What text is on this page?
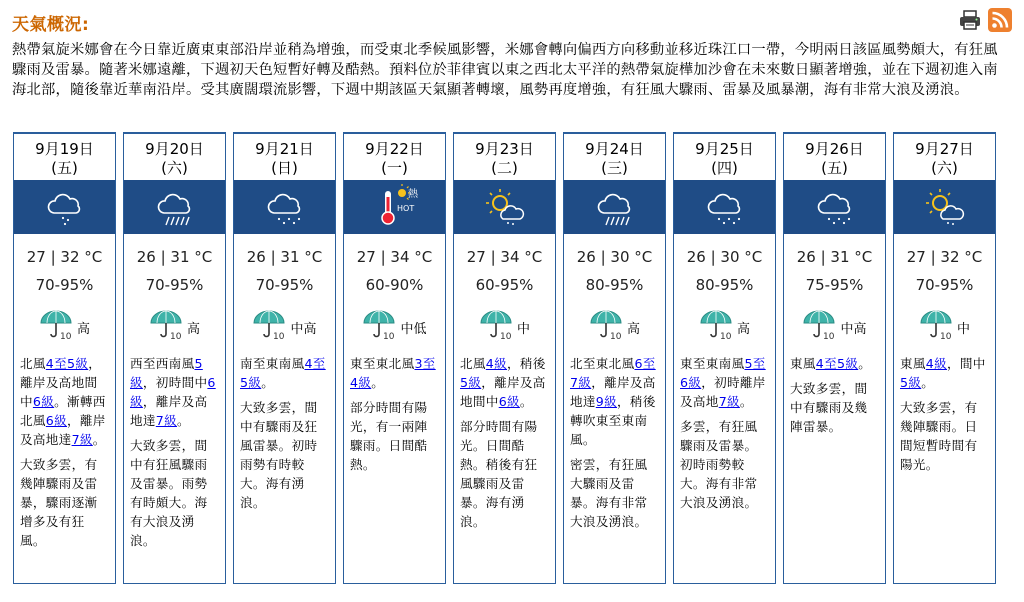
天氣概況:
熱帶氣旋米娜會在今日靠近廣東東部沿岸並稍為增強，而受東北季候風影響，米娜會轉向偏西方向移動並移近珠江口一帶，今明兩日該區風勢頗大，有狂風驟雨及雷暴。隨著米娜遠離，下週初天色短暫好轉及酷熱。預料位於菲律賓以東之西北太平洋的熱帶氣旋樺加沙會在未來數日顯著增強，並在下週初進入南海北部，隨後靠近華南沿岸。受其廣闊環流影響，下週中期該區天氣顯著轉壞，風勢再度增強，有狂風大驟雨、雷暴及風暴潮，海有非常大浪及湧浪。
9月19日
(五)
27 | 32 °C
70-95%
10
高
北風4至5級，離岸及高地間中6級。漸轉西北風6級，離岸及高地達7級。
大致多雲，有幾陣驟雨及雷暴，驟雨逐漸增多及有狂風。
9月20日
(六)
26 | 31 °C
70-95%
10
高
西至西南風5級，初時間中6級，離岸及高地達7級。
大致多雲，間中有狂風驟雨及雷暴。雨勢有時頗大。海有大浪及湧浪。
9月21日
(日)
26 | 31 °C
70-95%
10
中高
南至東南風4至5級。
大致多雲，間中有驟雨及狂風雷暴。初時雨勢有時較大。海有湧浪。
9月22日
(一)
熱
HOT
27 | 34 °C
60-90%
10
中低
東至東北風3至4級。
部分時間有陽光，有一兩陣驟雨。日間酷熱。
9月23日
(二)
27 | 34 °C
60-95%
10
中
北風4級，稍後5級，離岸及高地間中6級。
部分時間有陽光。日間酷熱。稍後有狂風驟雨及雷暴。海有湧浪。
9月24日
(三)
26 | 30 °C
80-95%
10
高
北至東北風6至7級，離岸及高地達9級，稍後轉吹東至東南風。
密雲，有狂風大驟雨及雷暴。海有非常大浪及湧浪。
9月25日
(四)
26 | 30 °C
80-95%
10
高
東至東南風5至6級，初時離岸及高地7級。
多雲，有狂風驟雨及雷暴。初時雨勢較大。海有非常大浪及湧浪。
9月26日
(五)
26 | 31 °C
75-95%
10
中高
東風4至5級。
大致多雲，間中有驟雨及幾陣雷暴。
9月27日
(六)
27 | 32 °C
70-95%
10
中
東風4級，間中5級。
大致多雲，有幾陣驟雨。日間短暫時間有陽光。
